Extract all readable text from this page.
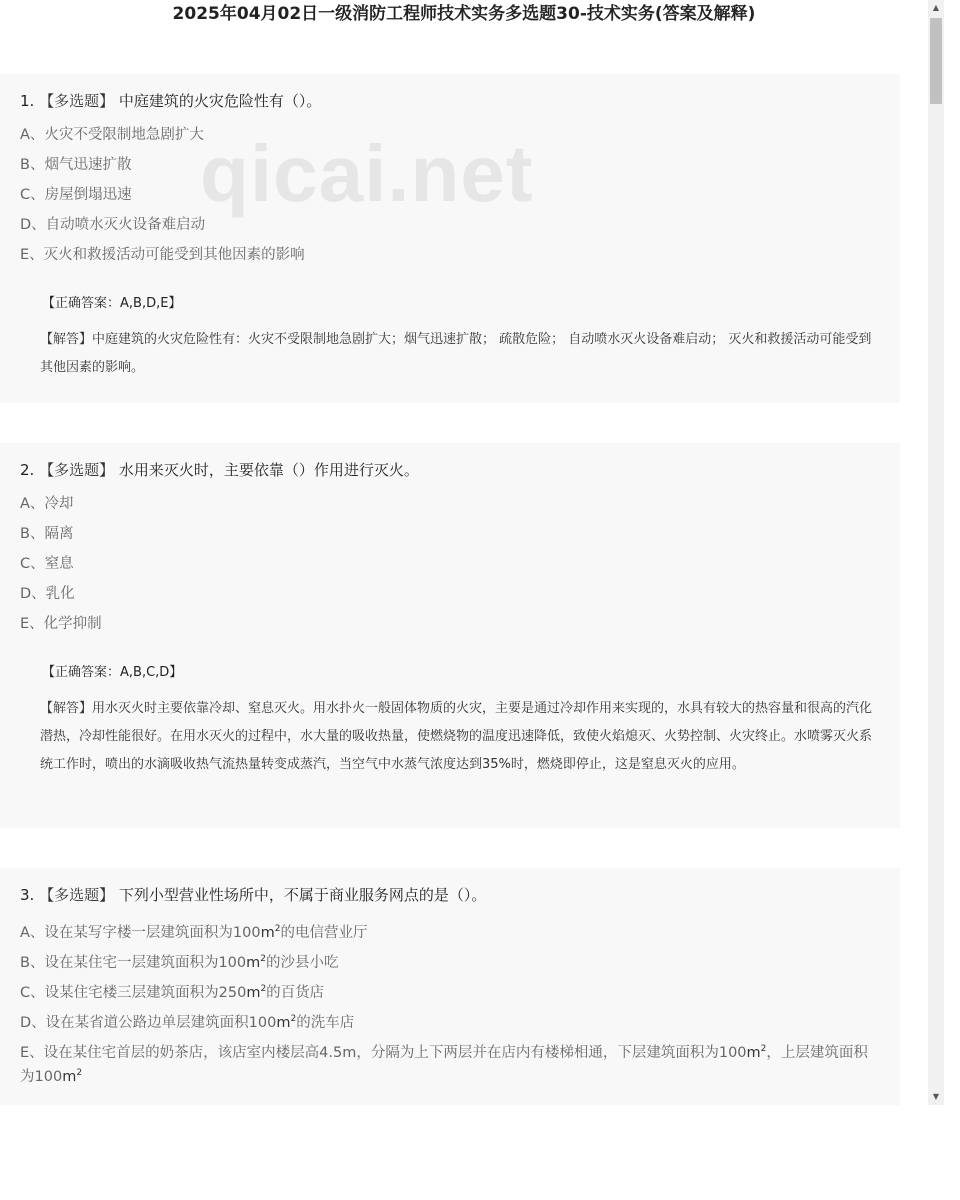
2025年04月02日一级消防工程师技术实务多选题30-技术实务(答案及解释)
1. 【多选题】 中庭建筑的火灾危险性有（）。
A、火灾不受限制地急剧扩大
B、烟气迅速扩散
C、房屋倒塌迅速
D、自动喷水灭火设备难启动
E、灭火和救援活动可能受到其他因素的影响
【正确答案：A,B,D,E】
【解答】中庭建筑的火灾危险性有：火灾不受限制地急剧扩大；烟气迅速扩散； 疏散危险； 自动喷水灭火设备难启动； 灭火和救援活动可能受到其他因素的影响。
2. 【多选题】 水用来灭火时，主要依靠（）作用进行灭火。
A、冷却
B、隔离
C、窒息
D、乳化
E、化学抑制
【正确答案：A,B,C,D】
【解答】用水灭火时主要依靠冷却、窒息灭火。用水扑火一般固体物质的火灾，主要是通过冷却作用来实现的，水具有较大的热容量和很高的汽化潜热，冷却性能很好。在用水灭火的过程中，水大量的吸收热量，使燃烧物的温度迅速降低，致使火焰熄灭、火势控制、火灾终止。水喷雾灭火系统工作时，喷出的水滴吸收热气流热量转变成蒸汽，当空气中水蒸气浓度达到35%时，燃烧即停止，这是窒息灭火的应用。
3. 【多选题】 下列小型营业性场所中，不属于商业服务网点的是（）。
A、设在某写字楼一层建筑面积为$100m^2$的电信营业厅
B、设在某住宅一层建筑面积为$100m^2$的沙县小吃
C、设某住宅楼三层建筑面积为$250m^2$的百货店
D、设在某省道公路边单层建筑面积$100m^2$的洗车店
E、设在某住宅首层的奶茶店，该店室内楼层高4.5m，分隔为上下两层并在店内有楼梯相通，下层建筑面积为$100m^2$，上层建筑面积为$100m^2$
qicai.net
▲
▼
